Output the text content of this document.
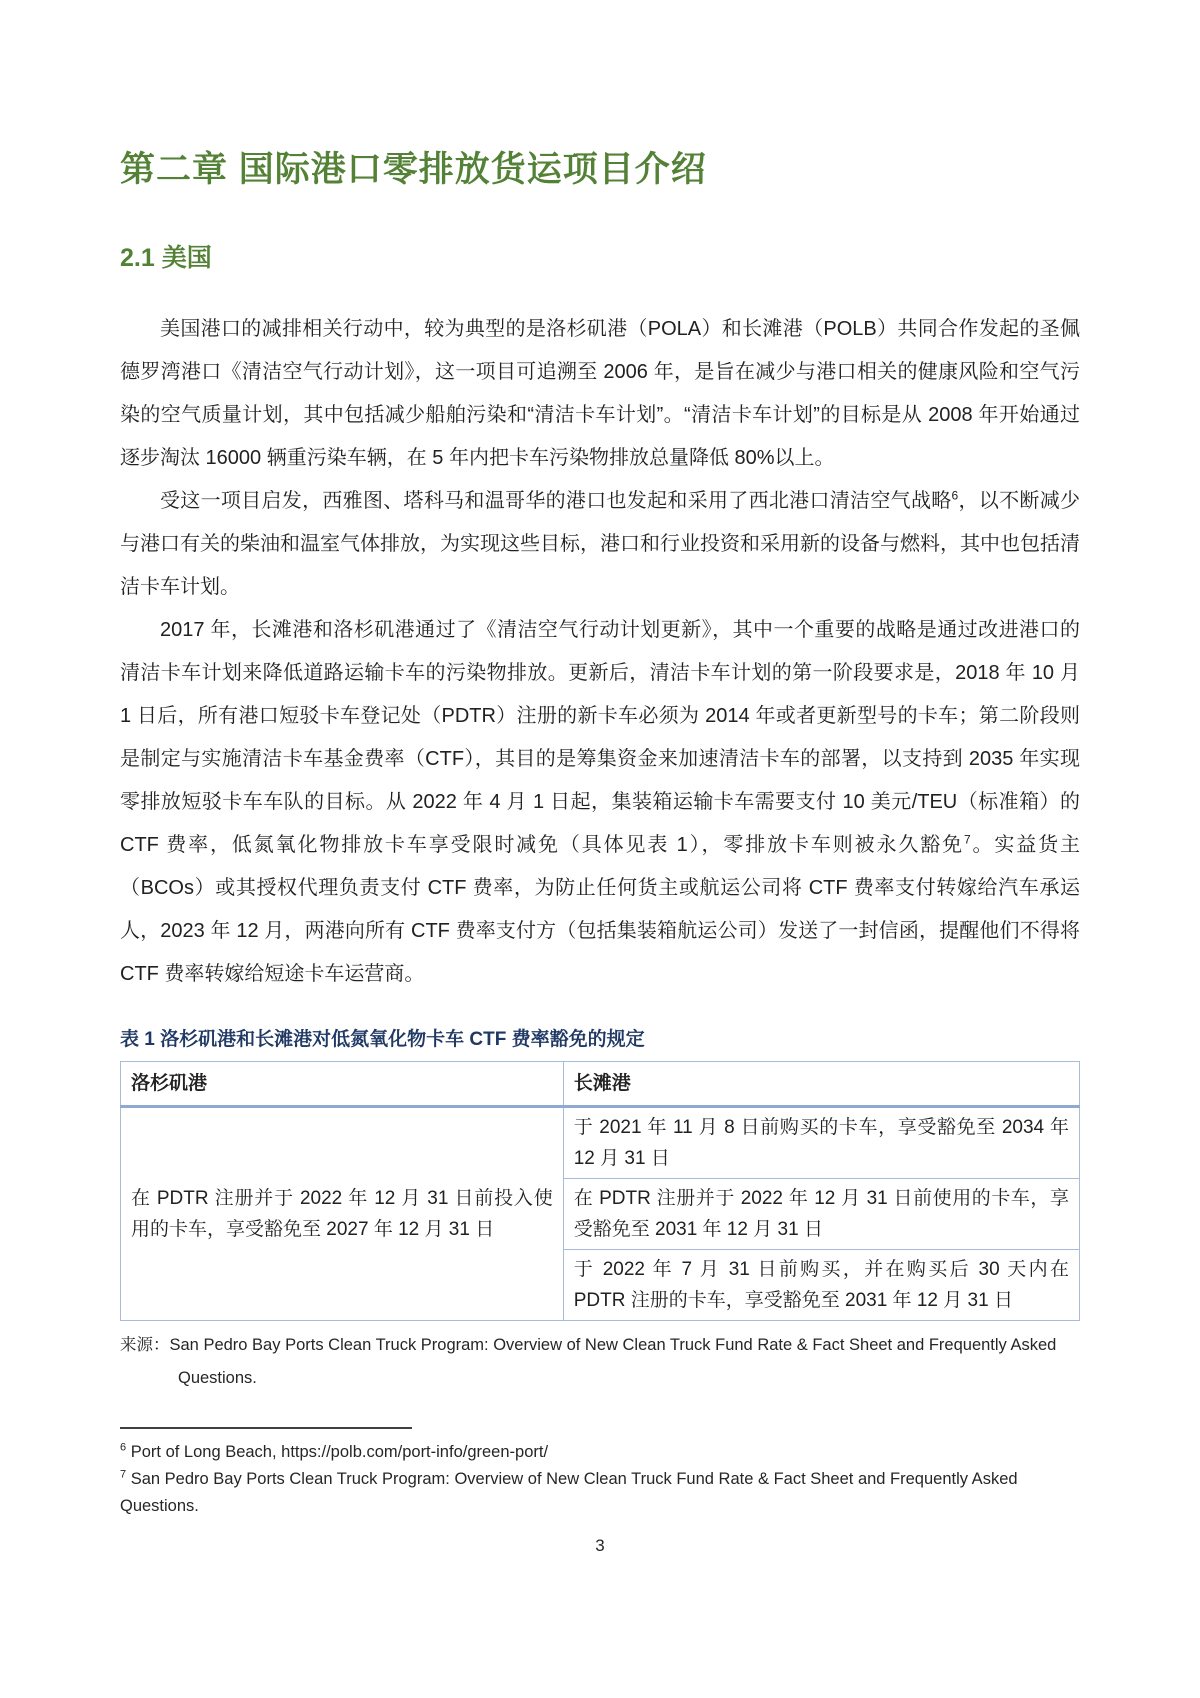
第二章 国际港口零排放货运项目介绍
2.1 美国

美国港口的减排相关行动中，较为典型的是洛杉矶港（POLA）和长滩港（POLB）共同合作发起的圣佩德罗湾港口《清洁空气行动计划》，这一项目可追溯至 2006 年，是旨在减少与港口相关的健康风险和空气污染的空气质量计划，其中包括减少船舶污染和“清洁卡车计划”。“清洁卡车计划”的目标是从 2008 年开始通过逐步淘汰 16000 辆重污染车辆，在 5 年内把卡车污染物排放总量降低 80%以上。

受这一项目启发，西雅图、塔科马和温哥华的港口也发起和采用了西北港口清洁空气战略$^6$，以不断减少与港口有关的柴油和温室气体排放，为实现这些目标，港口和行业投资和采用新的设备与燃料，其中也包括清洁卡车计划。

2017 年，长滩港和洛杉矶港通过了《清洁空气行动计划更新》，其中一个重要的战略是通过改进港口的清洁卡车计划来降低道路运输卡车的污染物排放。更新后，清洁卡车计划的第一阶段要求是，2018 年 10 月 1 日后，所有港口短驳卡车登记处（PDTR）注册的新卡车必须为 2014 年或者更新型号的卡车；第二阶段则是制定与实施清洁卡车基金费率（CTF），其目的是筹集资金来加速清洁卡车的部署，以支持到 2035 年实现零排放短驳卡车车队的目标。从 2022 年 4 月 1 日起，集装箱运输卡车需要支付 10 美元/TEU（标准箱）的 CTF 费率，低氮氧化物排放卡车享受限时减免（具体见表 1），零排放卡车则被永久豁免$^7$。实益货主（BCOs）或其授权代理负责支付 CTF 费率，为防止任何货主或航运公司将 CTF 费率支付转嫁给汽车承运人，2023 年 12 月，两港向所有 CTF 费率支付方（包括集装箱航运公司）发送了一封信函，提醒他们不得将 CTF 费率转嫁给短途卡车运营商。

表 1 洛杉矶港和长滩港对低氮氧化物卡车 CTF 费率豁免的规定

洛杉矶港	长滩港
在 PDTR 注册并于 2022 年 12 月 31 日前投入使用的卡车，享受豁免至 2027 年 12 月 31 日	于 2021 年 11 月 8 日前购买的卡车，享受豁免至 2034 年 12 月 31 日
	在 PDTR 注册并于 2022 年 12 月 31 日前使用的卡车，享受豁免至 2031 年 12 月 31 日
	于 2022 年 7 月 31 日前购买，并在购买后 30 天内在 PDTR 注册的卡车，享受豁免至 2031 年 12 月 31 日

来源：San Pedro Bay Ports Clean Truck Program: Overview of New Clean Truck Fund Rate & Fact Sheet and Frequently Asked Questions.

$^6$ Port of Long Beach, https://polb.com/port-info/green-port/
$^7$ San Pedro Bay Ports Clean Truck Program: Overview of New Clean Truck Fund Rate & Fact Sheet and Frequently Asked Questions.
3
